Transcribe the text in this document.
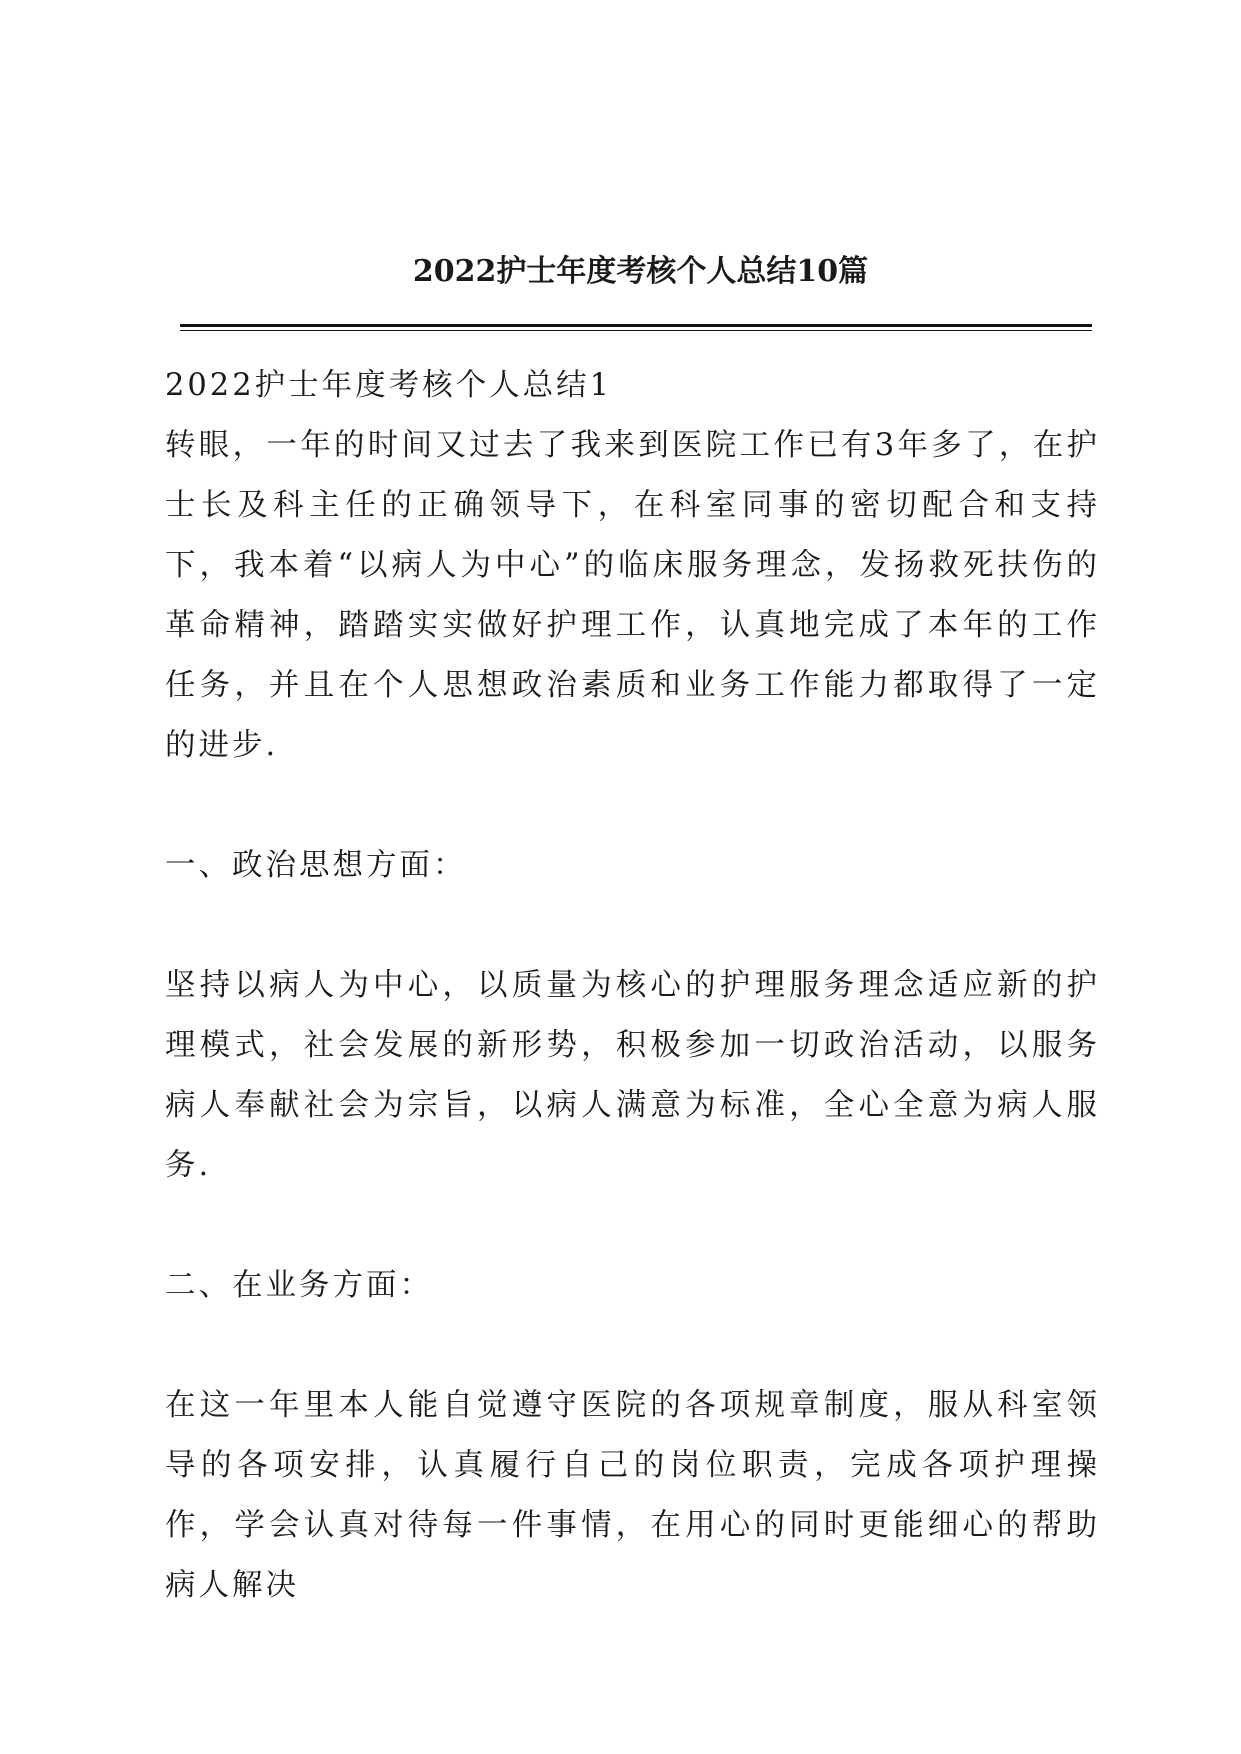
2022护士年度考核个人总结10篇

2022护士年度考核个人总结1

转眼，一年的时间又过去了我来到医院工作已有3年多了，在护士长及科主任的正确领导下，在科室同事的密切配合和支持下，我本着“以病人为中心”的临床服务理念，发扬救死扶伤的革命精神，踏踏实实做好护理工作，认真地完成了本年的工作任务，并且在个人思想政治素质和业务工作能力都取得了一定的进步.

一、政治思想方面：

坚持以病人为中心，以质量为核心的护理服务理念适应新的护理模式，社会发展的新形势，积极参加一切政治活动，以服务病人奉献社会为宗旨，以病人满意为标准，全心全意为病人服务.

二、在业务方面：

在这一年里本人能自觉遵守医院的各项规章制度，服从科室领导的各项安排，认真履行自己的岗位职责，完成各项护理操作，学会认真对待每一件事情，在用心的同时更能细心的帮助病人解决
